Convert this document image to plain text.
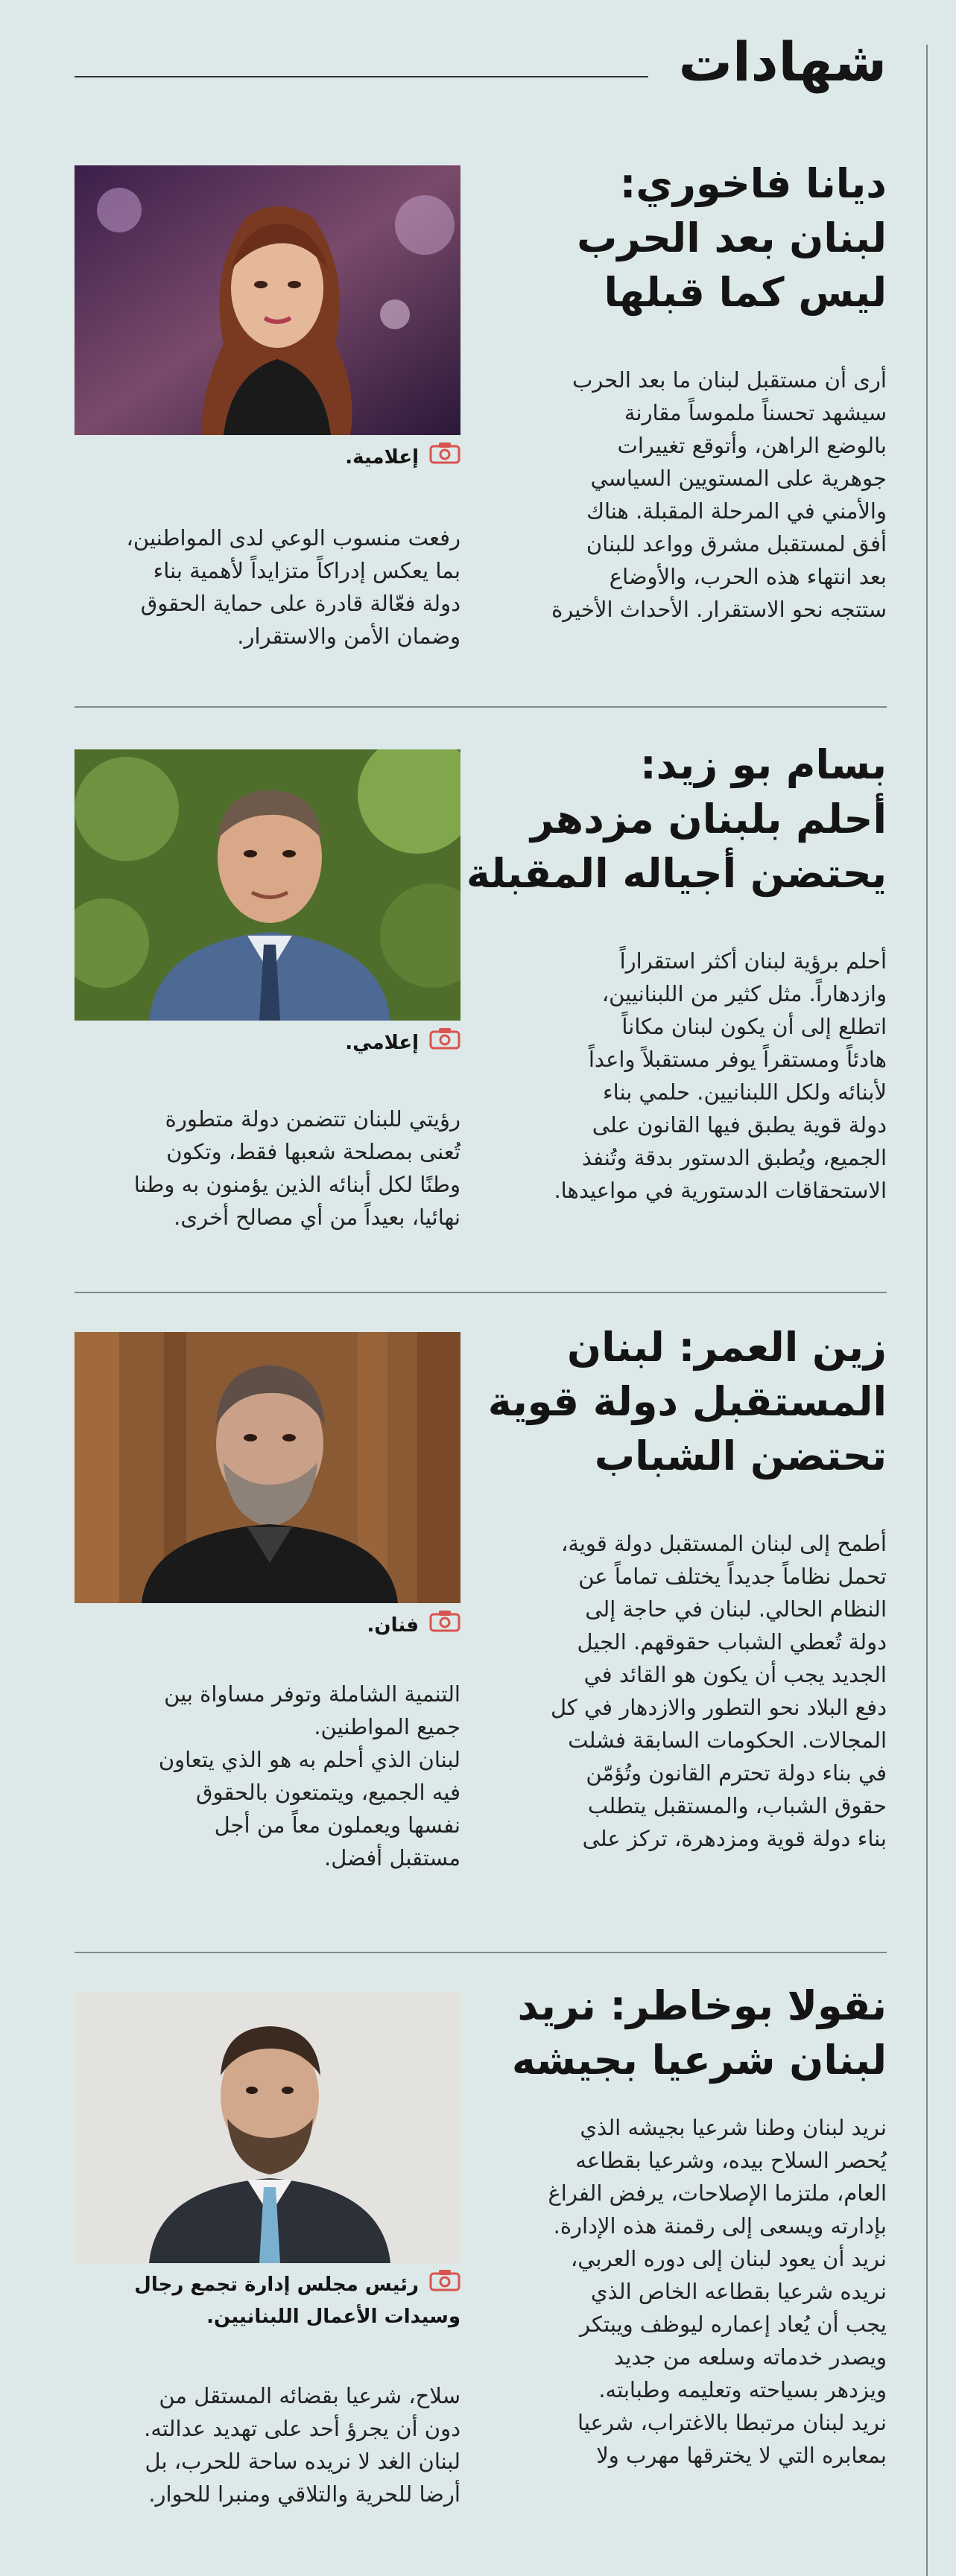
شهادات
ديانا فاخوري:
لبنان بعد الحرب
ليس كما قبلها
إعلامية.

أرى أن مستقبل لبنان ما بعد الحرب

سيشهد تحسناً ملموساً مقارنة

بالوضع الراهن، وأتوقع تغييرات

جوهرية على المستويين السياسي

والأمني في المرحلة المقبلة. هناك

أفق لمستقبل مشرق وواعد للبنان

بعد انتهاء هذه الحرب، والأوضاع

ستتجه نحو الاستقرار. الأحداث الأخيرة

رفعت منسوب الوعي لدى المواطنين،

بما يعكس إدراكاً متزايداً لأهمية بناء

دولة فعّالة قادرة على حماية الحقوق

وضمان الأمن والاستقرار.

بسام بو زيد:
أحلم بلبنان مزدهر
يحتضن أجياله المقبلة
إعلامي.

أحلم برؤية لبنان أكثر استقراراً

وازدهاراً. مثل كثير من اللبنانيين،

اتطلع إلى أن يكون لبنان مكاناً

هادئاً ومستقراً يوفر مستقبلاً واعداً

لأبنائه ولكل اللبنانيين. حلمي بناء

دولة قوية يطبق فيها القانون على

الجميع، ويُطبق الدستور بدقة وتُنفذ

الاستحقاقات الدستورية في مواعيدها.

رؤيتي للبنان تتضمن دولة متطورة

تُعنى بمصلحة شعبها فقط، وتكون

وطنًا لكل أبنائه الذين يؤمنون به وطنا

نهائيا، بعيداً من أي مصالح أخرى.

زين العمر: لبنان
المستقبل دولة قوية
تحتضن الشباب
فنان.

أطمح إلى لبنان المستقبل دولة قوية،

تحمل نظاماً جديداً يختلف تماماً عن

النظام الحالي. لبنان في حاجة إلى

دولة تُعطي الشباب حقوقهم. الجيل

الجديد يجب أن يكون هو القائد في

دفع البلاد نحو التطور والازدهار في كل

المجالات. الحكومات السابقة فشلت

في بناء دولة تحترم القانون وتُؤمّن

حقوق الشباب، والمستقبل يتطلب

بناء دولة قوية ومزدهرة، تركز على

التنمية الشاملة وتوفر مساواة بين

جميع المواطنين.

لبنان الذي أحلم به هو الذي يتعاون

فيه الجميع، ويتمتعون بالحقوق

نفسها ويعملون معاً من أجل

مستقبل أفضل.

نقولا بوخاطر: نريد
لبنان شرعيا بجيشه
رئيس مجلس إدارة تجمع رجال
وسيدات الأعمال اللبنانيين.

نريد لبنان وطنا شرعيا بجيشه الذي

يُحصر السلاح بيده، وشرعيا بقطاعه

العام، ملتزما الإصلاحات، يرفض الفراغ

بإدارته ويسعى إلى رقمنة هذه الإدارة.

نريد أن يعود لبنان إلى دوره العربي،

نريده شرعيا بقطاعه الخاص الذي

يجب أن يُعاد إعماره ليوظف ويبتكر

ويصدر خدماته وسلعه من جديد

ويزدهر بسياحته وتعليمه وطبابته.

نريد لبنان مرتبطا بالاغتراب، شرعيا

بمعابره التي لا يخترقها مهرب ولا

سلاح، شرعيا بقضائه المستقل من

دون أن يجرؤ أحد على تهديد عدالته.

لبنان الغد لا نريده ساحة للحرب، بل

أرضا للحرية والتلاقي ومنبرا للحوار.
